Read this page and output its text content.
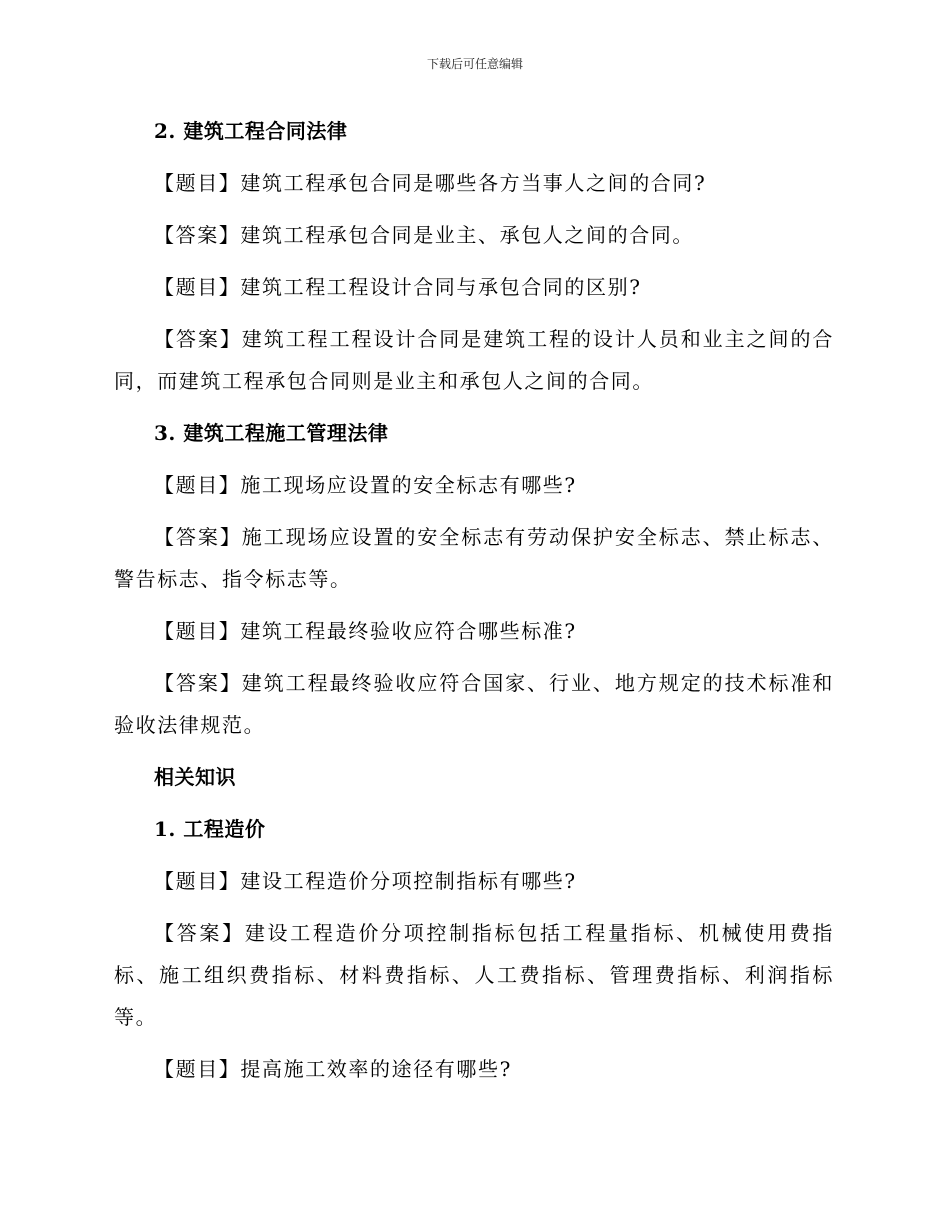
下载后可任意编辑

2. 建筑工程合同法律

【题目】建筑工程承包合同是哪些各方当事人之间的合同?

【答案】建筑工程承包合同是业主、承包人之间的合同。

【题目】建筑工程工程设计合同与承包合同的区别?

【答案】建筑工程工程设计合同是建筑工程的设计人员和业主之间的合同，而建筑工程承包合同则是业主和承包人之间的合同。

3. 建筑工程施工管理法律

【题目】施工现场应设置的安全标志有哪些?

【答案】施工现场应设置的安全标志有劳动保护安全标志、禁止标志、警告标志、指令标志等。

【题目】建筑工程最终验收应符合哪些标准?

【答案】建筑工程最终验收应符合国家、行业、地方规定的技术标准和验收法律规范。

相关知识

1. 工程造价

【题目】建设工程造价分项控制指标有哪些?

【答案】建设工程造价分项控制指标包括工程量指标、机械使用费指标、施工组织费指标、材料费指标、人工费指标、管理费指标、利润指标等。

【题目】提高施工效率的途径有哪些?
